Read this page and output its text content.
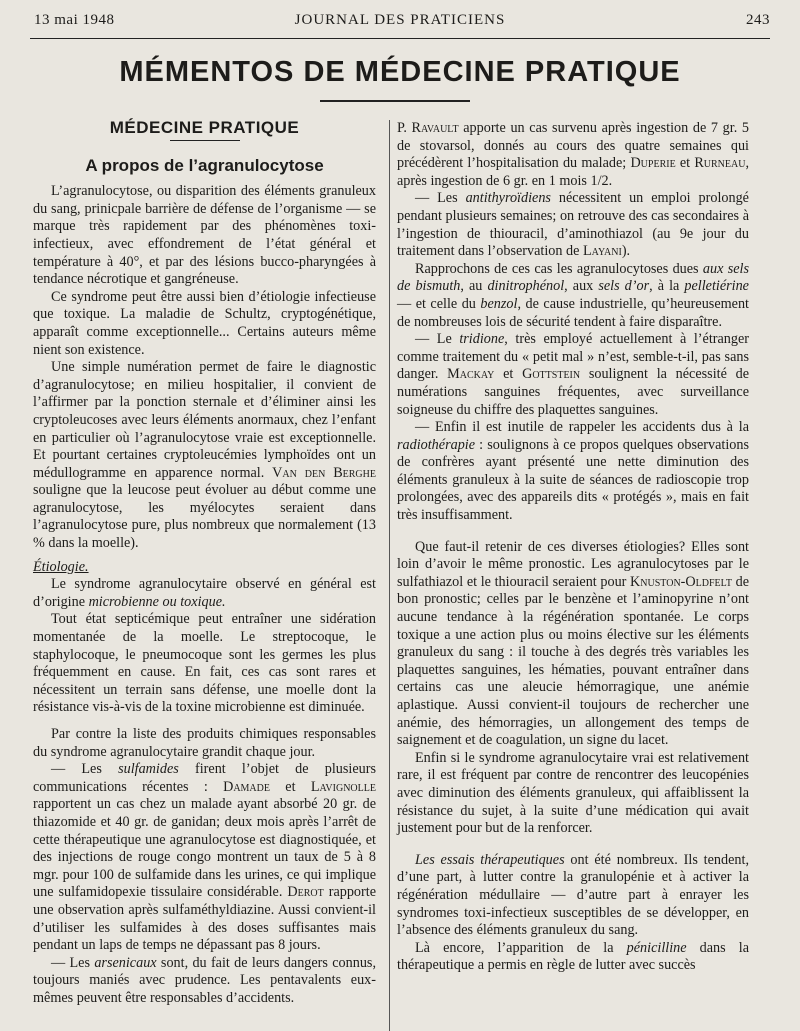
13 mai 1948	JOURNAL DES PRATICIENS	243
MÉMENTOS DE MÉDECINE PRATIQUE
MÉDECINE PRATIQUE
A propos de l’agranulocytose

L’agranulocytose, ou disparition des éléments granuleux du sang, prinicpale barrière de défense de l’organisme — se marque très rapidement par des phénomènes toxi-infectieux, avec effondrement de l’état général et température à 40°, et par des lésions bucco-pharyngées à tendance nécrotique et gangréneuse.

Ce syndrome peut être aussi bien d’étiologie infectieuse que toxique. La maladie de Schultz, cryptogénétique, apparaît comme exceptionnelle... Certains auteurs même nient son existence.

Une simple numération permet de faire le diagnostic d’agranulocytose; en milieu hospitalier, il convient de l’affirmer par la ponction sternale et d’éliminer ainsi les cryptoleucoses avec leurs éléments anormaux, chez l’enfant en particulier où l’agranulocytose vraie est exceptionnelle. Et pourtant certaines cryptoleucémies lymphoïdes ont un médullogramme en apparence normal. Van den Berghe souligne que la leucose peut évoluer au début comme une agranulocytose, les myélocytes seraient dans l’agranulocytose pure, plus nombreux que normalement (13 % dans la moelle).

Étiologie.

Le syndrome agranulocytaire observé en général est d’origine microbienne ou toxique.

Tout état septicémique peut entraîner une sidération momentanée de la moelle. Le streptocoque, le staphylocoque, le pneumocoque sont les germes les plus fréquemment en cause. En fait, ces cas sont rares et nécessitent un terrain sans défense, une moelle dont la résistance vis-à-vis de la toxine microbienne est diminuée.

Par contre la liste des produits chimiques responsables du syndrome agranulocytaire grandit chaque jour.

— Les sulfamides firent l’objet de plusieurs communications récentes : Damade et Lavignolle rapportent un cas chez un malade ayant absorbé 20 gr. de thiazomide et 40 gr. de ganidan; deux mois après l’arrêt de cette thérapeutique une agranulocytose est diagnostiquée, et des injections de rouge congo montrent un taux de 5 à 8 mgr. pour 100 de sulfamide dans les urines, ce qui implique une sulfamidopexie tissulaire considérable. Derot rapporte une observation après sulfaméthyldiazine. Aussi convient-il d’utiliser les sulfamides à des doses suffisantes mais pendant un laps de temps ne dépassant pas 8 jours.

— Les arsenicaux sont, du fait de leurs dangers connus, toujours maniés avec prudence. Les pentavalents eux-mêmes peuvent être responsables d’accidents.

P. Ravault apporte un cas survenu après ingestion de 7 gr. 5 de stovarsol, donnés au cours des quatre semaines qui précédèrent l’hospitalisation du malade; Duperie et Rurneau, après ingestion de 6 gr. en 1 mois 1/2.

— Les antithyroïdiens nécessitent un emploi prolongé pendant plusieurs semaines; on retrouve des cas secondaires à l’ingestion de thiouracil, d’aminothiazol (au 9e jour du traitement dans l’observation de Layani).

Rapprochons de ces cas les agranulocytoses dues aux sels de bismuth, au dinitrophénol, aux sels d’or, à la pelletiérine — et celle du benzol, de cause industrielle, qu’heureusement de nombreuses lois de sécurité tendent à faire disparaître.

— Le tridione, très employé actuellement à l’étranger comme traitement du « petit mal » n’est, semble-t-il, pas sans danger. Mackay et Gottstein soulignent la nécessité de numérations sanguines fréquentes, avec surveillance soigneuse du chiffre des plaquettes sanguines.

— Enfin il est inutile de rappeler les accidents dus à la radiothérapie : soulignons à ce propos quelques observations de confrères ayant présenté une nette diminution des éléments granuleux à la suite de séances de radioscopie trop prolongées, avec des appareils dits « protégés », mais en fait très insuffisamment.

Que faut-il retenir de ces diverses étiologies? Elles sont loin d’avoir le même pronostic. Les agranulocytoses par le sulfathiazol et le thiouracil seraient pour Knuston-Oldfelt de bon pronostic; celles par le benzène et l’aminopyrine n’ont aucune tendance à la régénération spontanée. Le corps toxique a une action plus ou moins élective sur les éléments granuleux du sang : il touche à des degrés très variables les plaquettes sanguines, les hématies, pouvant entraîner dans certains cas une aleucie hémorragique, une anémie aplastique. Aussi convient-il toujours de rechercher une anémie, des hémorragies, un allongement des temps de saignement et de coagulation, un signe du lacet.

Enfin si le syndrome agranulocytaire vrai est relativement rare, il est fréquent par contre de rencontrer des leucopénies avec diminution des éléments granuleux, qui affaiblissent la résistance du sujet, à la suite d’une médication qui avait justement pour but de la renforcer.

Les essais thérapeutiques ont été nombreux. Ils tendent, d’une part, à lutter contre la granulopénie et à activer la régénération médullaire — d’autre part à enrayer les syndromes toxi-infectieux susceptibles de se développer, en l’absence des éléments granuleux du sang.

Là encore, l’apparition de la pénicilline dans la thérapeutique a permis en règle de lutter avec succès
